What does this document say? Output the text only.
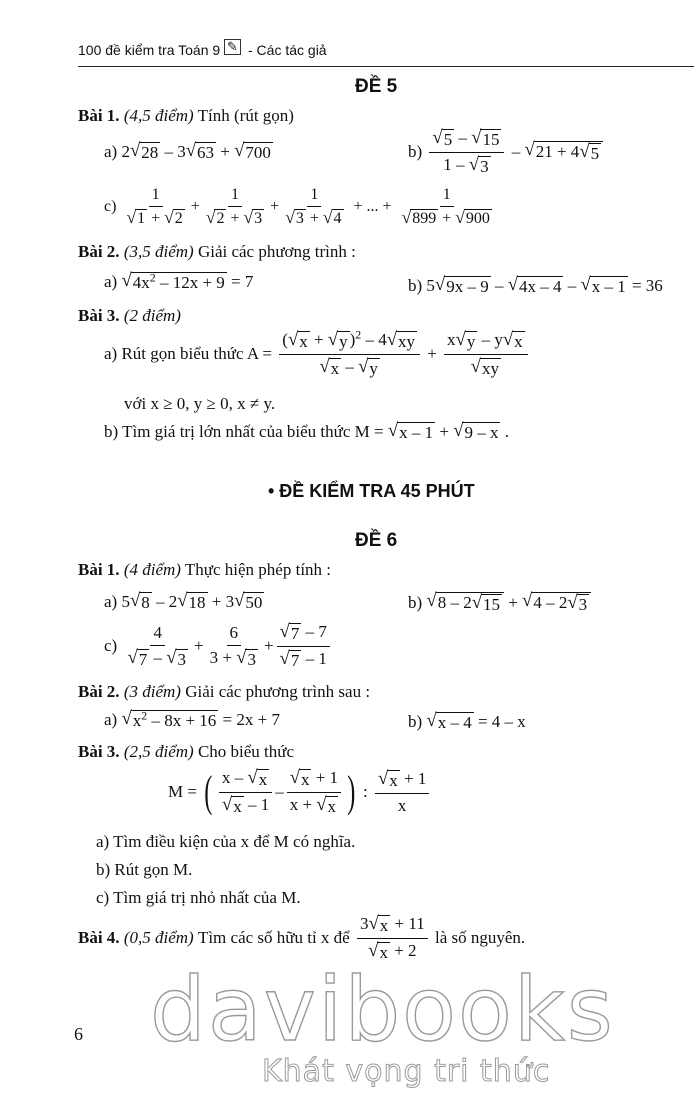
100 đề kiểm tra Toán 9 ✎ - Các tác giả
ĐỀ 5
Bài 1. (4,5 điểm) Tính (rút gọn)
a) 2 √ 28 – 3 √ 63 + √ 700	$b) \frac{√ 5 - √ 15}{1 - √ 3}$ – √ 21 + 4 √ 5
$c) \frac{1}{√ 1 + √ 2} + \frac{1}{√ 2 + √ 3} + \frac{1}{√ 3 + √ 4}$ + ... + $\frac{1}{√ 899 + √ 900}$
Bài 2. (3,5 điểm) Giải các phương trình :
a) √ $4x^2 - 12x + 9 = 7$	b) 5 √ 9x – 9 – √ 4x – 4 – √ x – 1 = 36
Bài 3. (2 điểm)
a) Rút gọn biểu thức A =
$\frac{( √ x + √ y )^2 - 4 √ xy}{√ x - √ y} + \frac{x √ y - y √ x}{√ xy}$
với x ≥ 0, y ≥ 0, x ≠ y.
b) Tìm giá trị lớn nhất của biểu thức M =
√ x – 1 + √ 9 – x .
• ĐỀ KIỂM TRA 45 PHÚT
ĐỀ 6
Bài 1. (4 điểm) Thực hiện phép tính :
a) 5 √ 8 – 2 √ 18 + 3 √ 50	b) √ 8 – 2 √ 15 + √ 4 – 2 √ 3
$c) \frac{4}{√ 7 - √ 3} + \frac{6}{3 + √ 3} + \frac{√ 7 - 7}{√ 7 - 1}$
Bài 2. (3 điểm) Giải các phương trình sau :
a) √ $x^2 - 8x + 16 = 2x + 7$	b) √ x – 4 = 4 – x
Bài 3. (2,5 điểm) Cho biểu thức
M = ( $\frac{x - √ x}{√ x - 1} - \frac{√ x + 1}{x + √ x}$ ) : $\frac{√ x + 1}{x}$
a) Tìm điều kiện của x để M có nghĩa.
b) Rút gọn M.
c) Tìm giá trị nhỏ nhất của M.
Bài 4.
(0,5 điểm)
Tìm các số hữu tỉ x để
$\frac{3 √ x + 11}{√ x + 2}$
là số nguyên.
6 davibooks
Khát vọng tri thức
